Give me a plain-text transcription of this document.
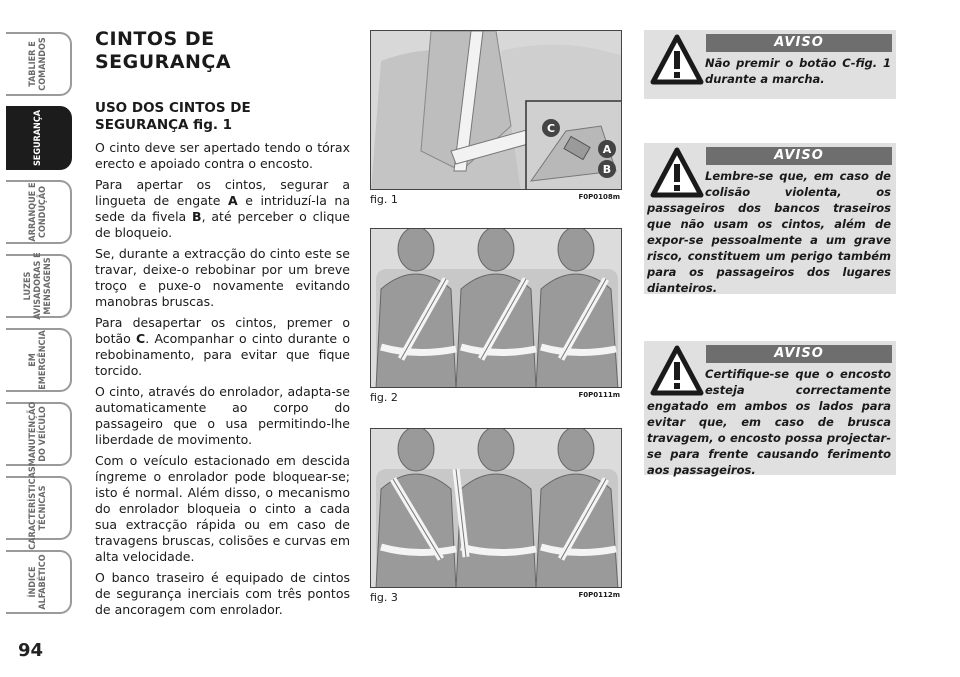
TABLIER E
COMANDOS
SEGURANÇA
ARRANQUE E
CONDUÇÃO
LUZES
AVISADORAS E
MENSAGENS
EM
EMERGÊNCIA
MANUTENÇÃO
DO VEÍCULO
CARACTERÍSTICAS
TÉCNICAS
ÍNDICE
ALFABÉTICO
94
CINTOS DE
SEGURANÇA
USO DOS CINTOS DE
SEGURANÇA fig. 1

O cinto deve ser apertado tendo o tórax erecto e apoiado contra o encosto.

Para apertar os cintos, segurar a lingueta de engate A e intriduzí-la na sede da fivela B, até perceber o clique de bloqueio.

Se, durante a extracção do cinto este se travar, deixe-o rebobinar por um breve troço e puxe-o novamente evitando manobras bruscas.

Para desapertar os cintos, premer o botão C. Acompanhar o cinto durante o rebobinamento, para evitar que fique torcido.

O cinto, através do enrolador, adapta-se automaticamente ao corpo do passageiro que o usa permitindo-lhe liberdade de movimento.

Com o veículo estacionado em descida íngreme o enrolador pode bloquear-se; isto é normal. Além disso, o mecanismo do enrolador bloqueia o cinto a cada sua extracção rápida ou em caso de travagens bruscas, colisões e curvas em alta velocidade.

O banco traseiro é equipado de cintos de segurança inerciais com três pontos de ancoragem com enrolador.

C
A
B
fig. 1	F0P0108m
fig. 2	F0P0111m
fig. 3	F0P0112m
AVISO
Não premir o botão C-fig. 1 durante a marcha.
AVISO
Lembre-se que, em caso de colisão violenta, os passageiros dos bancos traseiros que não usam os cintos, além de expor-se pessoalmente a um grave risco, constituem um perigo também para os passageiros dos lugares dianteiros.
AVISO
Certifique-se que o encosto esteja correctamente engatado em ambos os lados para evitar que, em caso de brusca travagem, o encosto possa projectar-se para frente causando ferimento aos passageiros.
